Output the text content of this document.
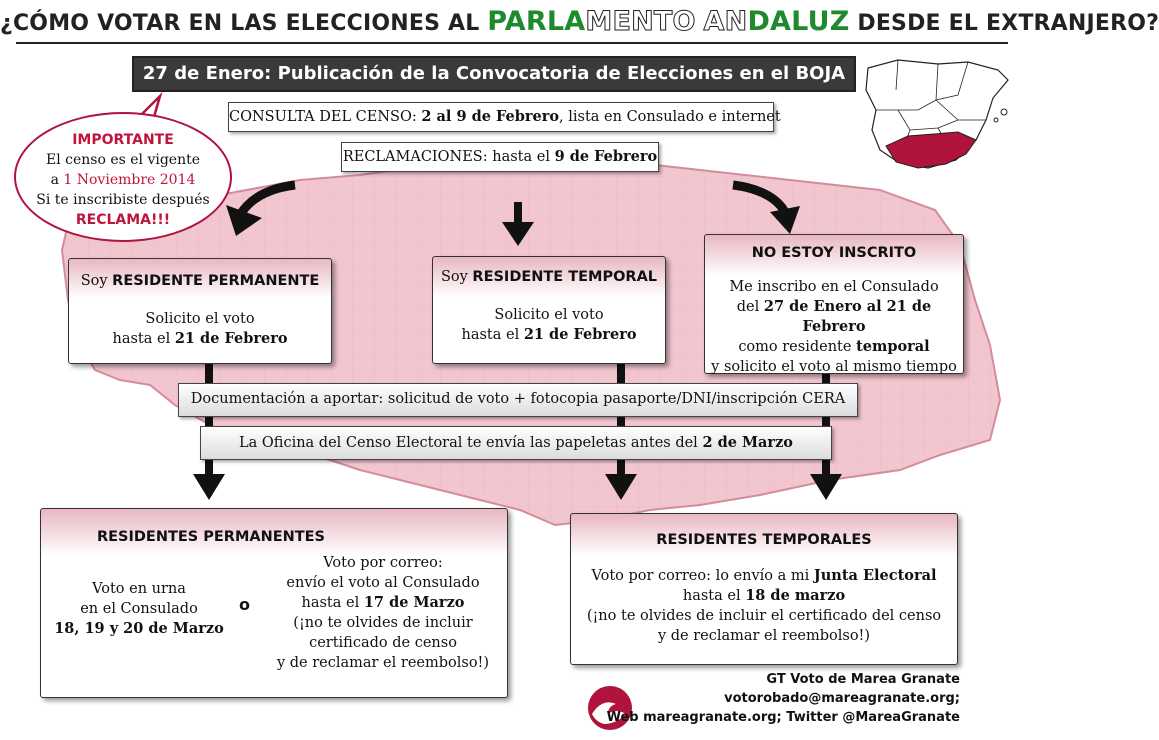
¿CÓMO VOTAR EN LAS ELECCIONES AL PARLAMENTO ANDALUZ DESDE EL EXTRANJERO?
27 de Enero: Publicación de la Convocatoria de Elecciones en el BOJA
CONSULTA DEL CENSO: 2 al 9 de Febrero, lista en Consulado e internet
RECLAMACIONES: hasta el 9 de Febrero
IMPORTANTE
El censo es el vigente
a 1 Noviembre 2014
Si te inscribiste después
RECLAMA!!!

Soy RESIDENTE PERMANENTE

Solicito el voto

hasta el 21 de Febrero

Soy RESIDENTE TEMPORAL

Solicito el voto

hasta el 21 de Febrero

NO ESTOY INSCRITO

Me inscribo en el Consulado

del 27 de Enero al 21 de Febrero

como residente temporal

y solicito el voto al mismo tiempo

Documentación a aportar: solicitud de voto + fotocopia pasaporte/DNI/inscripción CERA
La Oficina del Censo Electoral te envía las papeletas antes del 2 de Marzo

RESIDENTES PERMANENTES

Voto en urna

en el Consulado

18, 19 y 20 de Marzo

o

Voto por correo:

envío el voto al Consulado

hasta el 17 de Marzo

(¡no te olvides de incluir

certificado de censo

y de reclamar el reembolso!)

RESIDENTES TEMPORALES

Voto por correo: lo envío a mi Junta Electoral

hasta el 18 de marzo

(¡no te olvides de incluir el certificado del censo

y de reclamar el reembolso!)

GT Voto de Marea Granate

votorobado@mareagranate.org;

Web mareagranate.org; Twitter @MareaGranate
